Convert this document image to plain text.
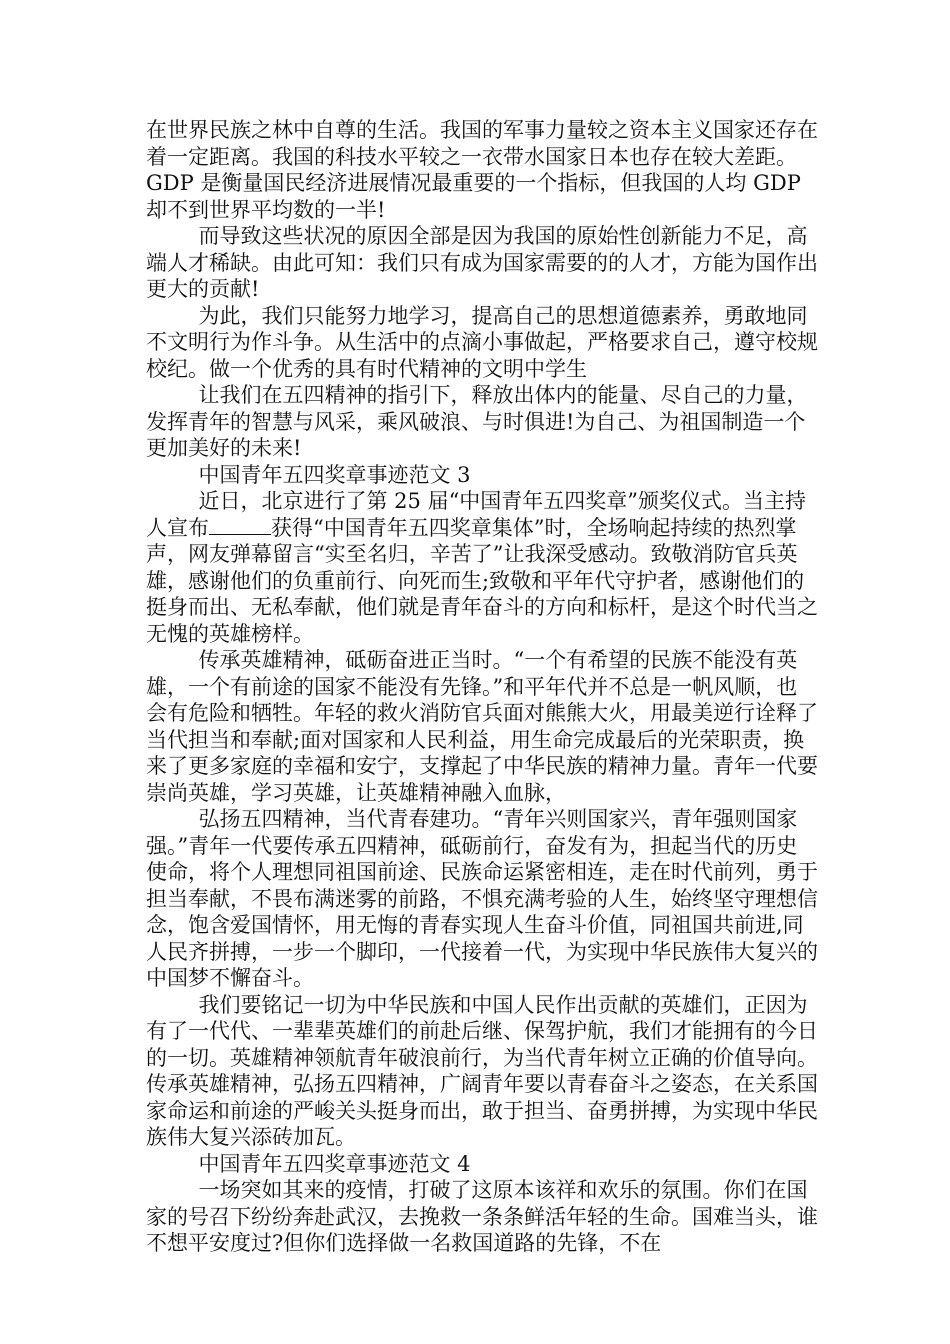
在世界民族之林中自尊的生活。我国的军事力量较之资本主义国家还存在着一定距离。我国的科技水平较之一衣带水国家日本也存在较大差距。GDP 是衡量国民经济进展情况最重要的一个指标，但我国的人均 GDP 却不到世界平均数的一半!

而导致这些状况的原因全部是因为我国的原始性创新能力不足，高端人才稀缺。由此可知：我们只有成为国家需要的的人才，方能为国作出更大的贡献!

为此，我们只能努力地学习，提高自己的思想道德素养，勇敢地同不文明行为作斗争。从生活中的点滴小事做起，严格要求自己，遵守校规校纪。做一个优秀的具有时代精神的文明中学生

让我们在五四精神的指引下，释放出体内的能量、尽自己的力量，发挥青年的智慧与风采，乘风破浪、与时俱进!为自己、为祖国制造一个更加美好的未来!

中国青年五四奖章事迹范文 3

近日，北京进行了第 25 届“中国青年五四奖章”颁奖仪式。当主持人宣布	获得“中国青年五四奖章集体”时，全场响起持续的热烈掌声，网友弹幕留言“实至名归，辛苦了”让我深受感动。致敬消防官兵英雄，感谢他们的负重前行、向死而生;致敬和平年代守护者，感谢他们的挺身而出、无私奉献，他们就是青年奋斗的方向和标杆，是这个时代当之无愧的英雄榜样。

传承英雄精神，砥砺奋进正当时。“一个有希望的民族不能没有英雄，一个有前途的国家不能没有先锋。”和平年代并不总是一帆风顺，也会有危险和牺牲。年轻的救火消防官兵面对熊熊大火，用最美逆行诠释了当代担当和奉献;面对国家和人民利益，用生命完成最后的光荣职责，换来了更多家庭的幸福和安宁，支撑起了中华民族的精神力量。青年一代要崇尚英雄，学习英雄，让英雄精神融入血脉，

弘扬五四精神，当代青春建功。“青年兴则国家兴，青年强则国家强。”青年一代要传承五四精神，砥砺前行，奋发有为，担起当代的历史使命，将个人理想同祖国前途、民族命运紧密相连，走在时代前列，勇于担当奉献，不畏布满迷雾的前路，不惧充满考验的人生，始终坚守理想信念，饱含爱国情怀，用无悔的青春实现人生奋斗价值，同祖国共前进,同人民齐拼搏，一步一个脚印，一代接着一代，为实现中华民族伟大复兴的中国梦不懈奋斗。

我们要铭记一切为中华民族和中国人民作出贡献的英雄们，正因为有了一代代、一辈辈英雄们的前赴后继、保驾护航，我们才能拥有的今日的一切。英雄精神领航青年破浪前行，为当代青年树立正确的价值导向。传承英雄精神，弘扬五四精神，广阔青年要以青春奋斗之姿态，在关系国家命运和前途的严峻关头挺身而出，敢于担当、奋勇拼搏，为实现中华民族伟大复兴添砖加瓦。

中国青年五四奖章事迹范文 4

一场突如其来的疫情，打破了这原本该祥和欢乐的氛围。你们在国家的号召下纷纷奔赴武汉，去挽救一条条鲜活年轻的生命。国难当头，谁不想平安度过?但你们选择做一名救国道路的先锋，不在
